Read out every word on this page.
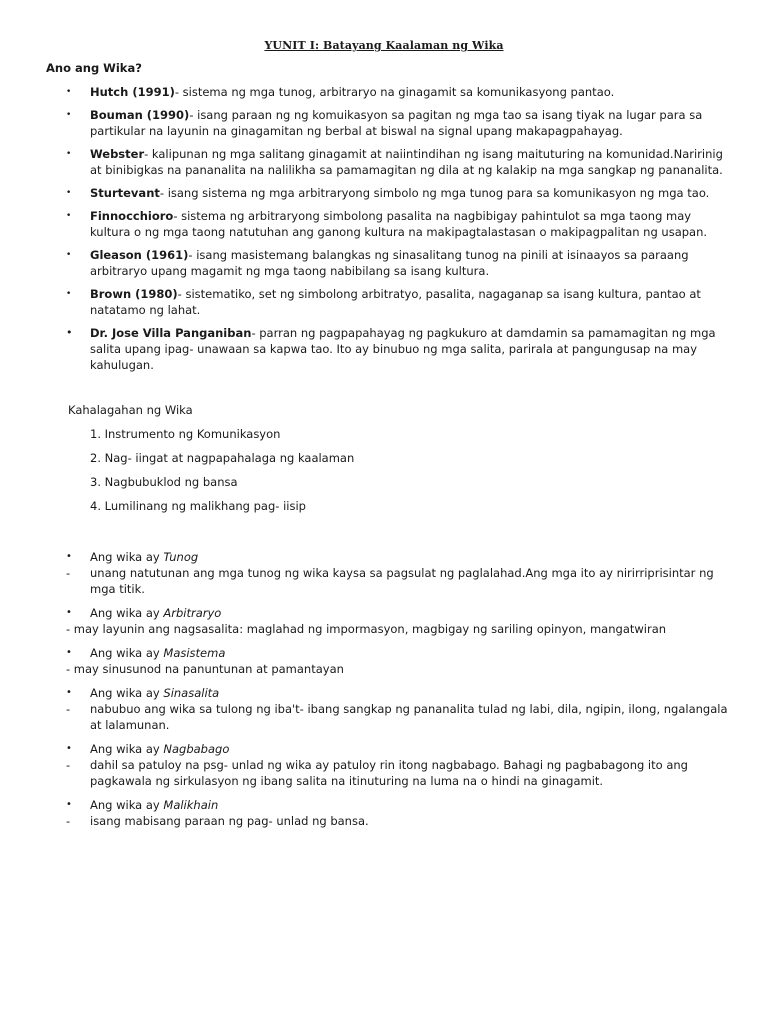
YUNIT I: Batayang Kaalaman ng Wika
Ano ang Wika?
• Hutch (1991)- sistema ng mga tunog, arbitraryo na ginagamit sa komunikasyong pantao.
• Bouman (1990)- isang paraan ng ng komuikasyon sa pagitan ng mga tao sa isang tiyak na lugar para sa partikular na layunin na ginagamitan ng berbal at biswal na signal upang makapagpahayag.
• Webster- kalipunan ng mga salitang ginagamit at naiintindihan ng isang maituturing na komunidad.Naririnig at binibigkas na pananalita na nalilikha sa pamamagitan ng dila at ng kalakip na mga sangkap ng pananalita.
• Sturtevant- isang sistema ng mga arbitraryong simbolo ng mga tunog para sa komunikasyon ng mga tao.
• Finnocchioro- sistema ng arbitraryong simbolong pasalita na nagbibigay pahintulot sa mga taong may kultura o ng mga taong natutuhan ang ganong kultura na makipagtalastasan o makipagpalitan ng usapan.
• Gleason (1961)- isang masistemang balangkas ng sinasalitang tunog na pinili at isinaayos sa paraang arbitraryo upang magamit ng mga taong nabibilang sa isang kultura.
• Brown (1980)- sistematiko, set ng simbolong arbitratyo, pasalita, nagaganap sa isang kultura, pantao at natatamo ng lahat.
• Dr. Jose Villa Panganiban- parran ng pagpapahayag ng pagkukuro at damdamin sa pamamagitan ng mga salita upang ipag- unawaan sa kapwa tao. Ito ay binubuo ng mga salita, parirala at pangungusap na may kahulugan.
Kahalagahan ng Wika
1. Instrumento ng Komunikasyon
2. Nag- iingat at nagpapahalaga ng kaalaman
3. Nagbubuklod ng bansa
4. Lumilinang ng malikhang pag- iisip
• Ang wika ay Tunog
- unang natutunan ang mga tunog ng wika kaysa sa pagsulat ng paglalahad.Ang mga ito ay nirirriprisintar ng mga titik.
• Ang wika ay Arbitraryo
- may layunin ang nagsasalita: maglahad ng impormasyon, magbigay ng sariling opinyon, mangatwiran
• Ang wika ay Masistema
- may sinusunod na panuntunan at pamantayan
• Ang wika ay Sinasalita
- nabubuo ang wika sa tulong ng iba't- ibang sangkap ng pananalita tulad ng labi, dila, ngipin, ilong, ngalangala at lalamunan.
• Ang wika ay Nagbabago
- dahil sa patuloy na psg- unlad ng wika ay patuloy rin itong nagbabago. Bahagi ng pagbabagong ito ang pagkawala ng sirkulasyon ng ibang salita na itinuturing na luma na o hindi na ginagamit.
• Ang wika ay Malikhain
- isang mabisang paraan ng pag- unlad ng bansa.
